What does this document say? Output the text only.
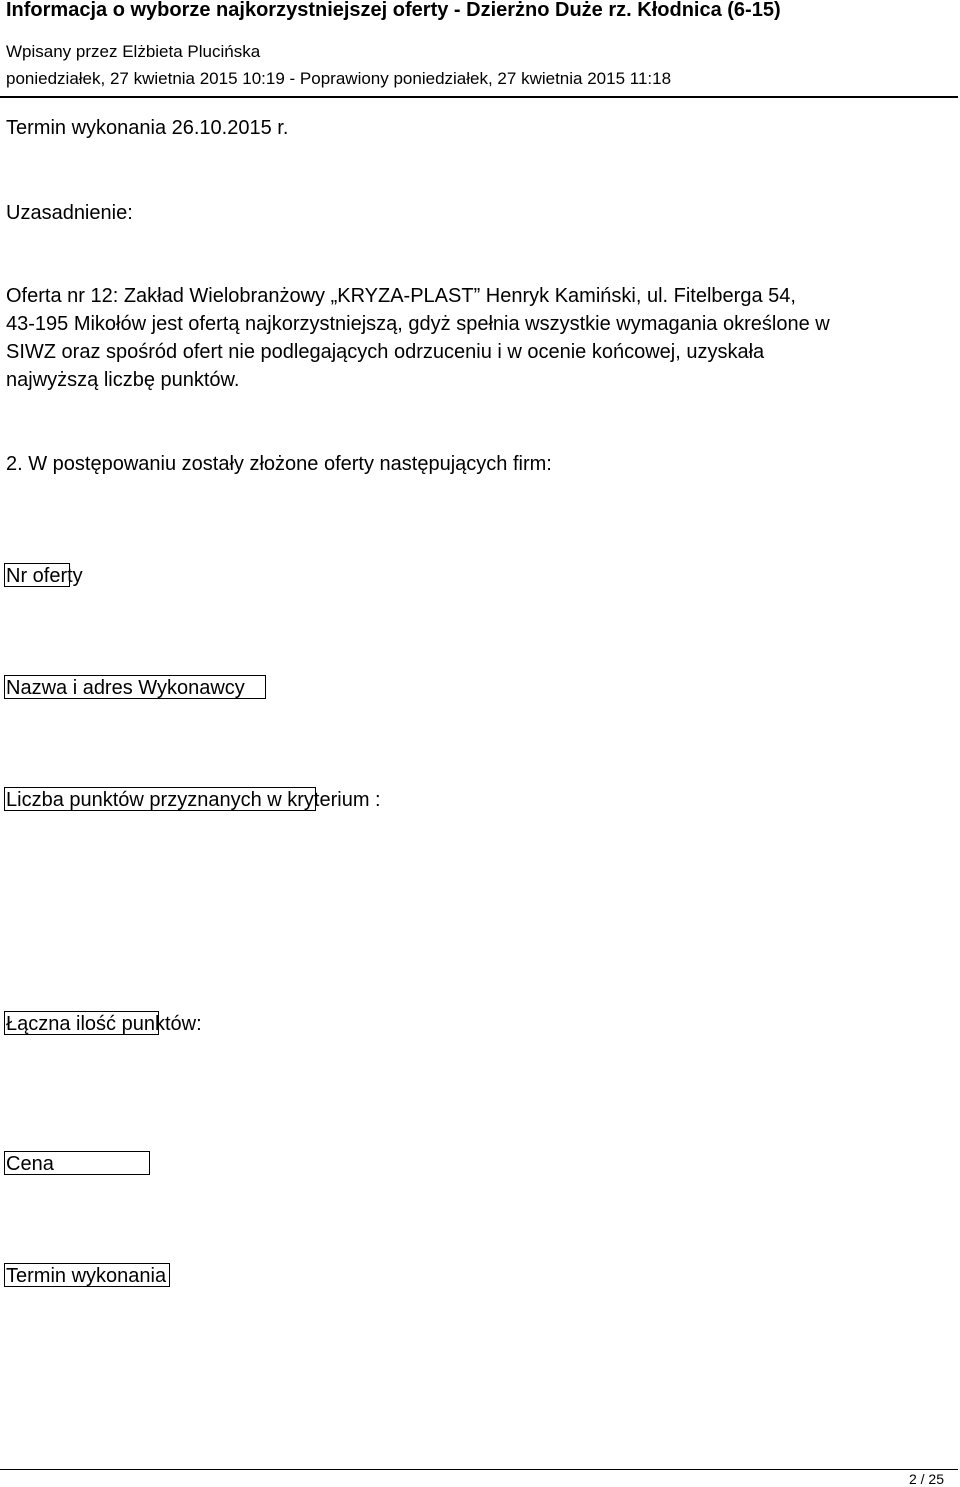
Informacja o wyborze najkorzystniejszej oferty - Dzierżno Duże rz. Kłodnica (6-15)
Wpisany przez Elżbieta Plucińska
poniedziałek, 27 kwietnia 2015 10:19 - Poprawiony poniedziałek, 27 kwietnia 2015 11:18
Termin wykonania 26.10.2015 r.
Uzasadnienie:
Oferta nr 12: Zakład Wielobranżowy „KRYZA-PLAST” Henryk Kamiński, ul. Fitelberga 54,
43-195 Mikołów jest ofertą najkorzystniejszą, gdyż spełnia wszystkie wymagania określone w
SIWZ oraz spośród ofert nie podlegających odrzuceniu i w ocenie końcowej, uzyskała
najwyższą liczbę punktów.
2. W postępowaniu zostały złożone oferty następujących firm:
Nr oferty
Nazwa i adres Wykonawcy
Liczba punktów przyznanych w kryterium :
Łączna ilość punktów:
Cena
Termin wykonania
2 / 25
